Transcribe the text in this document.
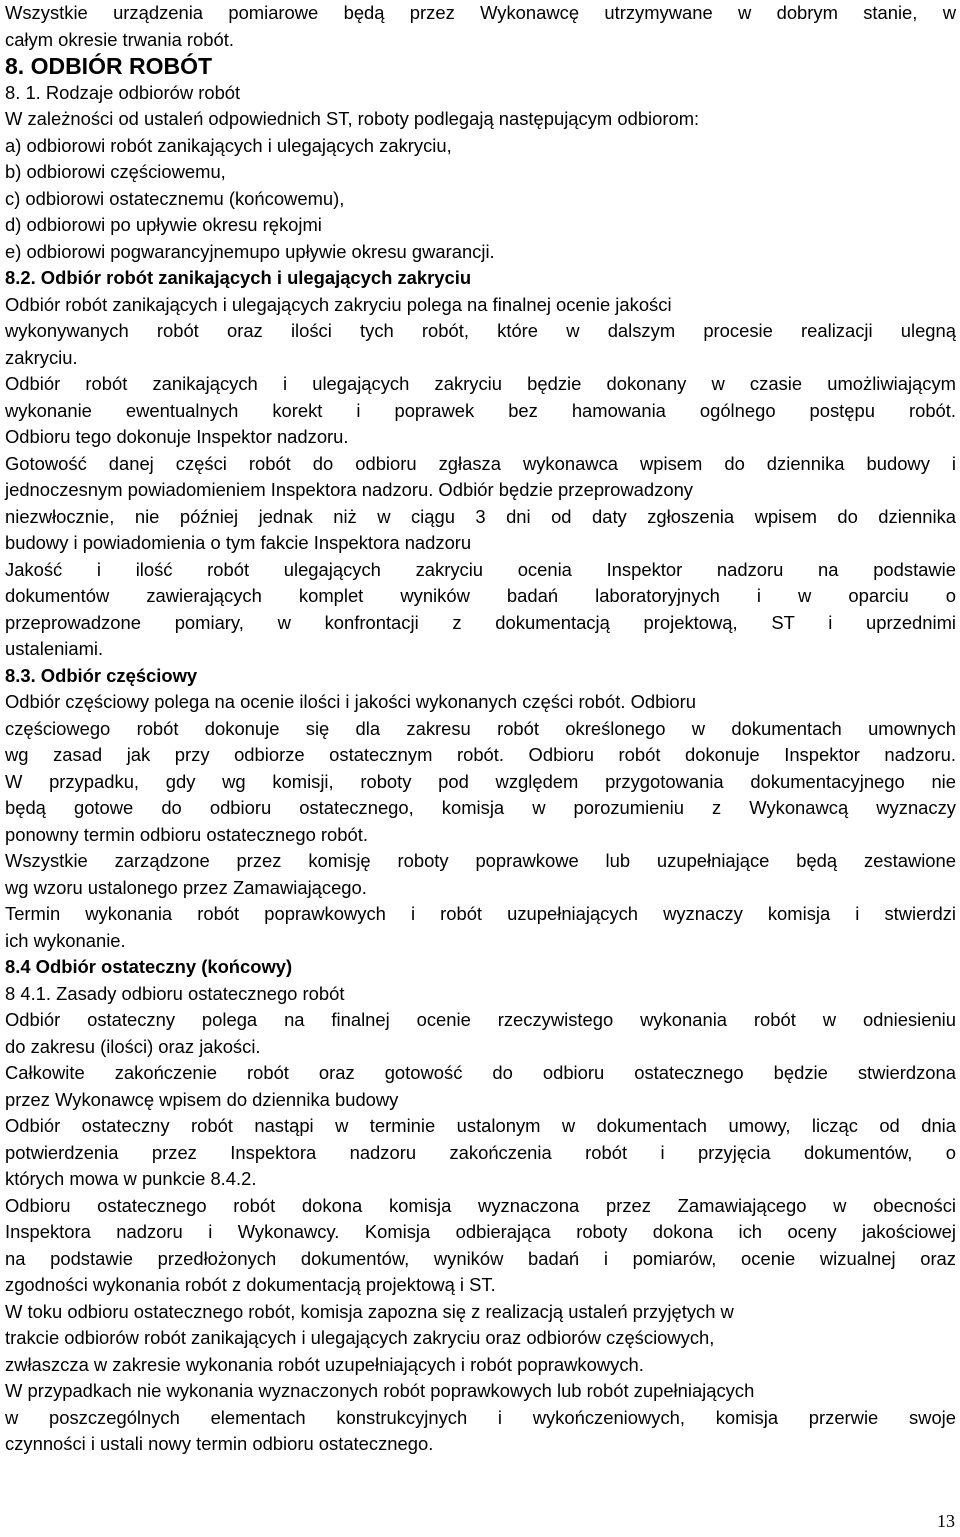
Wszystkie urządzenia pomiarowe będą przez Wykonawcę utrzymywane w dobrym stanie, w
całym okresie trwania robót.
8. ODBIÓR ROBÓT
8. 1. Rodzaje odbiorów robót
W zależności od ustaleń odpowiednich ST, roboty podlegają następującym odbiorom:
a) odbiorowi robót zanikających i ulegających zakryciu,
b) odbiorowi częściowemu,
c) odbiorowi ostatecznemu (końcowemu),
d) odbiorowi po upływie okresu rękojmi
e) odbiorowi pogwarancyjnemupo upływie okresu gwarancji.
8.2. Odbiór robót zanikających i ulegających zakryciu
Odbiór robót zanikających i ulegających zakryciu polega na finalnej ocenie jakości
wykonywanych robót oraz ilości tych robót, które w dalszym procesie realizacji ulegną
zakryciu.
Odbiór robót zanikających i ulegających zakryciu będzie dokonany w czasie umożliwiającym
wykonanie ewentualnych korekt i poprawek bez hamowania ogólnego postępu robót.
Odbioru tego dokonuje Inspektor nadzoru.
Gotowość danej części robót do odbioru zgłasza wykonawca wpisem do dziennika budowy i
jednoczesnym powiadomieniem Inspektora nadzoru. Odbiór będzie przeprowadzony
niezwłocznie, nie później jednak niż w ciągu 3 dni od daty zgłoszenia wpisem do dziennika
budowy i powiadomienia o tym fakcie Inspektora nadzoru
Jakość i ilość robót ulegających zakryciu ocenia Inspektor nadzoru na podstawie
dokumentów zawierających komplet wyników badań laboratoryjnych i w oparciu o
przeprowadzone pomiary, w konfrontacji z dokumentacją projektową, ST i uprzednimi
ustaleniami.
8.3. Odbiór częściowy
Odbiór częściowy polega na ocenie ilości i jakości wykonanych części robót. Odbioru
częściowego robót dokonuje się dla zakresu robót określonego w dokumentach umownych
wg zasad jak przy odbiorze ostatecznym robót. Odbioru robót dokonuje Inspektor nadzoru.
W przypadku, gdy wg komisji, roboty pod względem przygotowania dokumentacyjnego nie
będą gotowe do odbioru ostatecznego, komisja w porozumieniu z Wykonawcą wyznaczy
ponowny termin odbioru ostatecznego robót.
Wszystkie zarządzone przez komisję roboty poprawkowe lub uzupełniające będą zestawione
wg wzoru ustalonego przez Zamawiającego.
Termin wykonania robót poprawkowych i robót uzupełniających wyznaczy komisja i stwierdzi
ich wykonanie.
8.4 Odbiór ostateczny (końcowy)
8 4.1. Zasady odbioru ostatecznego robót
Odbiór ostateczny polega na finalnej ocenie rzeczywistego wykonania robót w odniesieniu
do zakresu (ilości) oraz jakości.
Całkowite zakończenie robót oraz gotowość do odbioru ostatecznego będzie stwierdzona
przez Wykonawcę wpisem do dziennika budowy
Odbiór ostateczny robót nastąpi w terminie ustalonym w dokumentach umowy, licząc od dnia
potwierdzenia przez Inspektora nadzoru zakończenia robót i przyjęcia dokumentów, o
których mowa w punkcie 8.4.2.
Odbioru ostatecznego robót dokona komisja wyznaczona przez Zamawiającego w obecności
Inspektora nadzoru i Wykonawcy. Komisja odbierająca roboty dokona ich oceny jakościowej
na podstawie przedłożonych dokumentów, wyników badań i pomiarów, ocenie wizualnej oraz
zgodności wykonania robót z dokumentacją projektową i ST.
W toku odbioru ostatecznego robót, komisja zapozna się z realizacją ustaleń przyjętych w
trakcie odbiorów robót zanikających i ulegających zakryciu oraz odbiorów częściowych,
zwłaszcza w zakresie wykonania robót uzupełniających i robót poprawkowych.
W przypadkach nie wykonania wyznaczonych robót poprawkowych lub robót zupełniających
w poszczególnych elementach konstrukcyjnych i wykończeniowych, komisja przerwie swoje
czynności i ustali nowy termin odbioru ostatecznego.
13
